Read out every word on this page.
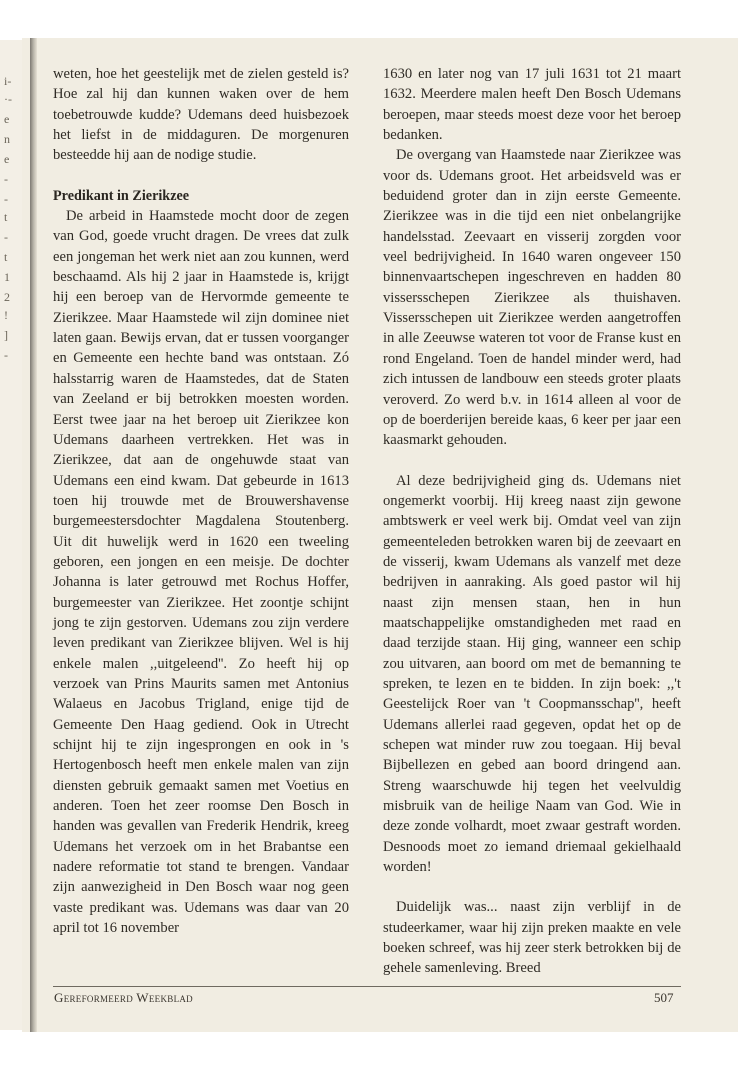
i-
·-
e
n
e
-
-
t
-
t
1
2
!
]
-

weten, hoe het geestelijk met de zielen gesteld is? Hoe zal hij dan kunnen waken over de hem toebetrouwde kudde? Udemans deed huisbezoek het liefst in de middaguren. De morgenuren besteedde hij aan de nodige studie.

Predikant in Zierikzee

De arbeid in Haamstede mocht door de zegen van God, goede vrucht dragen. De vrees dat zulk een jongeman het werk niet aan zou kunnen, werd beschaamd. Als hij 2 jaar in Haamstede is, krijgt hij een beroep van de Hervormde gemeente te Zierikzee. Maar Haamstede wil zijn dominee niet laten gaan. Bewijs ervan, dat er tussen voorganger en Gemeente een hechte band was ontstaan. Zó halsstarrig waren de Haamstedes, dat de Staten van Zeeland er bij betrokken moesten worden. Eerst twee jaar na het beroep uit Zierikzee kon Udemans daarheen vertrekken. Het was in Zierikzee, dat aan de ongehuwde staat van Udemans een eind kwam. Dat gebeurde in 1613 toen hij trouwde met de Brouwershavense burgemeestersdochter Magdalena Stoutenberg. Uit dit huwelijk werd in 1620 een tweeling geboren, een jongen en een meisje. De dochter Johanna is later getrouwd met Rochus Hoffer, burgemeester van Zierikzee. Het zoontje schijnt jong te zijn gestorven. Udemans zou zijn verdere leven predikant van Zierikzee blijven. Wel is hij enkele malen ,,uitgeleend''. Zo heeft hij op verzoek van Prins Maurits samen met Antonius Walaeus en Jacobus Trigland, enige tijd de Gemeente Den Haag gediend. Ook in Utrecht schijnt hij te zijn ingesprongen en ook in 's Hertogenbosch heeft men enkele malen van zijn diensten gebruik gemaakt samen met Voetius en anderen. Toen het zeer roomse Den Bosch in handen was gevallen van Frederik Hendrik, kreeg Udemans het verzoek om in het Brabantse een nadere reformatie tot stand te brengen. Vandaar zijn aanwezigheid in Den Bosch waar nog geen vaste predikant was. Udemans was daar van 20 april tot 16 november

1630 en later nog van 17 juli 1631 tot 21 maart 1632. Meerdere malen heeft Den Bosch Udemans beroepen, maar steeds moest deze voor het beroep bedanken.

De overgang van Haamstede naar Zierikzee was voor ds. Udemans groot. Het arbeidsveld was er beduidend groter dan in zijn eerste Gemeente. Zierikzee was in die tijd een niet onbelangrijke handelsstad. Zeevaart en visserij zorgden voor veel bedrijvigheid. In 1640 waren ongeveer 150 binnenvaartschepen ingeschreven en hadden 80 vissersschepen Zierikzee als thuishaven. Vissersschepen uit Zierikzee werden aangetroffen in alle Zeeuwse wateren tot voor de Franse kust en rond Engeland. Toen de handel minder werd, had zich intussen de landbouw een steeds groter plaats veroverd. Zo werd b.v. in 1614 alleen al voor de op de boerderijen bereide kaas, 6 keer per jaar een kaasmarkt gehouden.

Al deze bedrijvigheid ging ds. Udemans niet ongemerkt voorbij. Hij kreeg naast zijn gewone ambtswerk er veel werk bij. Omdat veel van zijn gemeenteleden betrokken waren bij de zeevaart en de visserij, kwam Udemans als vanzelf met deze bedrijven in aanraking. Als goed pastor wil hij naast zijn mensen staan, hen in hun maatschappelijke omstandigheden met raad en daad terzijde staan. Hij ging, wanneer een schip zou uitvaren, aan boord om met de bemanning te spreken, te lezen en te bidden. In zijn boek: ,,'t Geestelijck Roer van 't Coopmansschap'', heeft Udemans allerlei raad gegeven, opdat het op de schepen wat minder ruw zou toegaan. Hij beval Bijbellezen en gebed aan boord dringend aan. Streng waarschuwde hij tegen het veelvuldig misbruik van de heilige Naam van God. Wie in deze zonde volhardt, moet zwaar gestraft worden. Desnoods moet zo iemand driemaal gekielhaald worden!

Duidelijk was... naast zijn verblijf in de studeerkamer, waar hij zijn preken maakte en vele boeken schreef, was hij zeer sterk betrokken bij de gehele samenleving. Breed

Gereformeerd Weekblad	507
